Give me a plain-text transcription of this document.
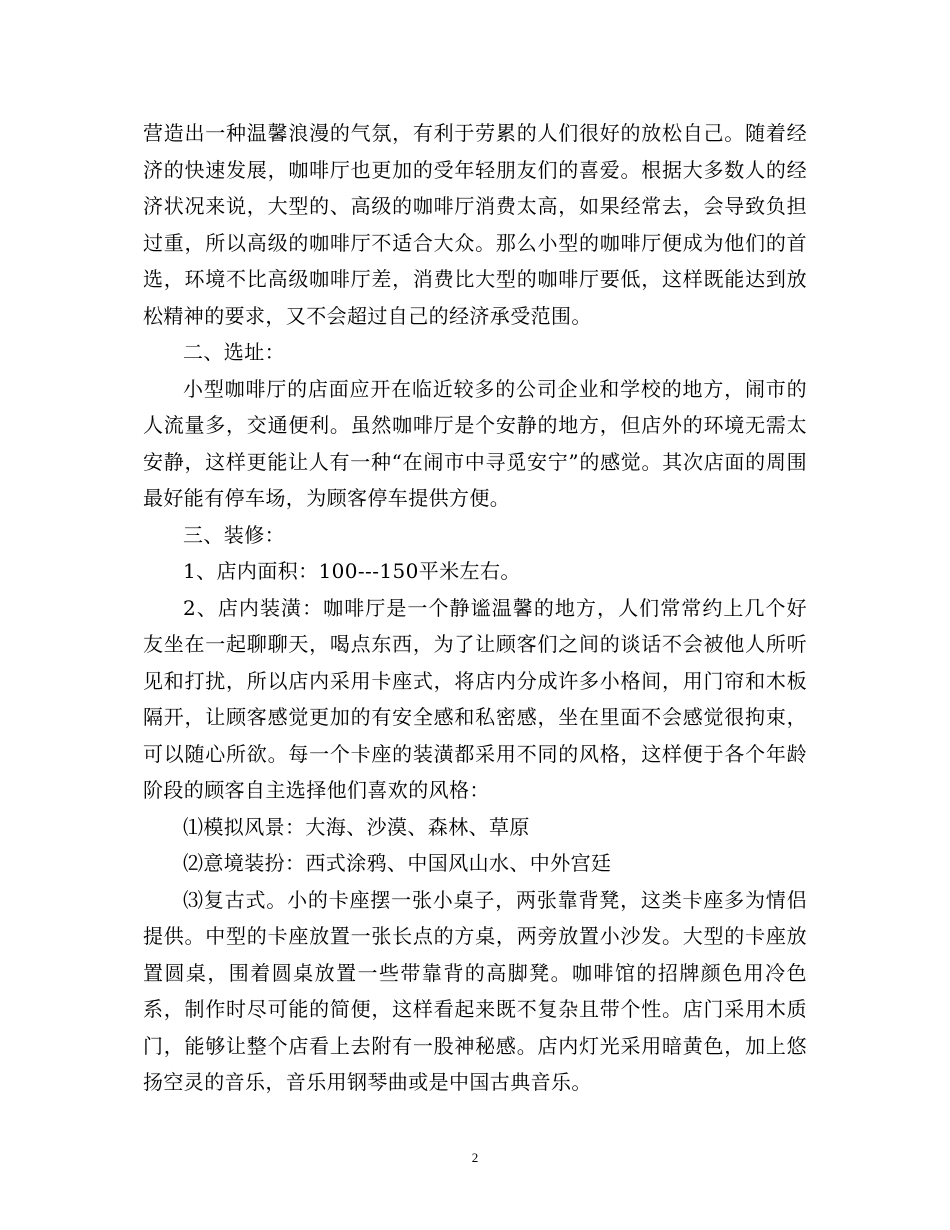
营造出一种温馨浪漫的气氛，有利于劳累的人们很好的放松自己。随着经济的快速发展，咖啡厅也更加的受年轻朋友们的喜爱。根据大多数人的经济状况来说，大型的、高级的咖啡厅消费太高，如果经常去，会导致负担过重，所以高级的咖啡厅不适合大众。那么小型的咖啡厅便成为他们的首选，环境不比高级咖啡厅差，消费比大型的咖啡厅要低，这样既能达到放松精神的要求，又不会超过自己的经济承受范围。

二、选址：

小型咖啡厅的店面应开在临近较多的公司企业和学校的地方，闹市的人流量多，交通便利。虽然咖啡厅是个安静的地方，但店外的环境无需太安静，这样更能让人有一种“在闹市中寻觅安宁”的感觉。其次店面的周围最好能有停车场，为顾客停车提供方便。

三、装修：

1、店内面积：100---150平米左右。

2、店内装潢：咖啡厅是一个静谧温馨的地方，人们常常约上几个好友坐在一起聊聊天，喝点东西，为了让顾客们之间的谈话不会被他人所听见和打扰，所以店内采用卡座式，将店内分成许多小格间，用门帘和木板隔开，让顾客感觉更加的有安全感和私密感，坐在里面不会感觉很拘束，可以随心所欲。每一个卡座的装潢都采用不同的风格，这样便于各个年龄阶段的顾客自主选择他们喜欢的风格：

⑴模拟风景：大海、沙漠、森林、草原

⑵意境装扮：西式涂鸦、中国风山水、中外宫廷

⑶复古式。小的卡座摆一张小桌子，两张靠背凳，这类卡座多为情侣提供。中型的卡座放置一张长点的方桌，两旁放置小沙发。大型的卡座放置圆桌，围着圆桌放置一些带靠背的高脚凳。咖啡馆的招牌颜色用冷色系，制作时尽可能的简便，这样看起来既不复杂且带个性。店门采用木质门，能够让整个店看上去附有一股神秘感。店内灯光采用暗黄色，加上悠扬空灵的音乐，音乐用钢琴曲或是中国古典音乐。

2
